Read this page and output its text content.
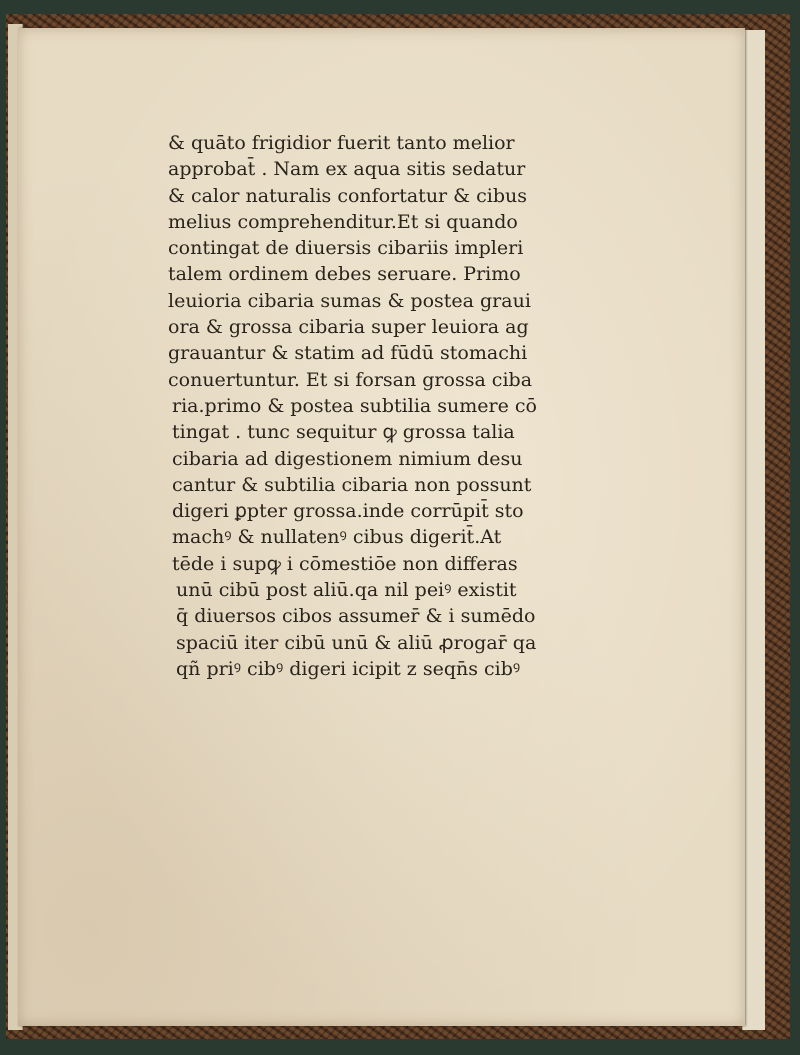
& quāto frigidior fuerit tanto melior
approbat̄ . Nam ex aqua sitis sedatur
& calor naturalis confortatur & cibus
melius comprehenditur.Et si quando
contingat de diuersis cibariis impleri
talem ordinem debes seruare. Primo
leuioria cibaria sumas & postea graui
ora & grossa cibaria super leuiora ag
grauantur & statim ad fūdū stomachi
conuertuntur. Et si forsan grossa ciba
ria.primo & postea subtilia sumere cō
tingat . tunc sequitur ꝙ grossa talia
cibaria ad digestionem nimium desu
cantur & subtilia cibaria non possunt
digeri ꝑpter grossa.inde corrūpit̄ sto
machꝰ & nullatenꝰ cibus digerit̄.At
tēde i supꝙ i cōmestiōe non differas
unū cibū post aliū.qa nil peiꝰ existit
q̄ diuersos cibos assumer̄ & i sumēdo
spaciū iter cibū unū & aliū ꝓrogar̄ qa
qñ priꝰ cibꝰ digeri icipit z seqn̄s cibꝰ
